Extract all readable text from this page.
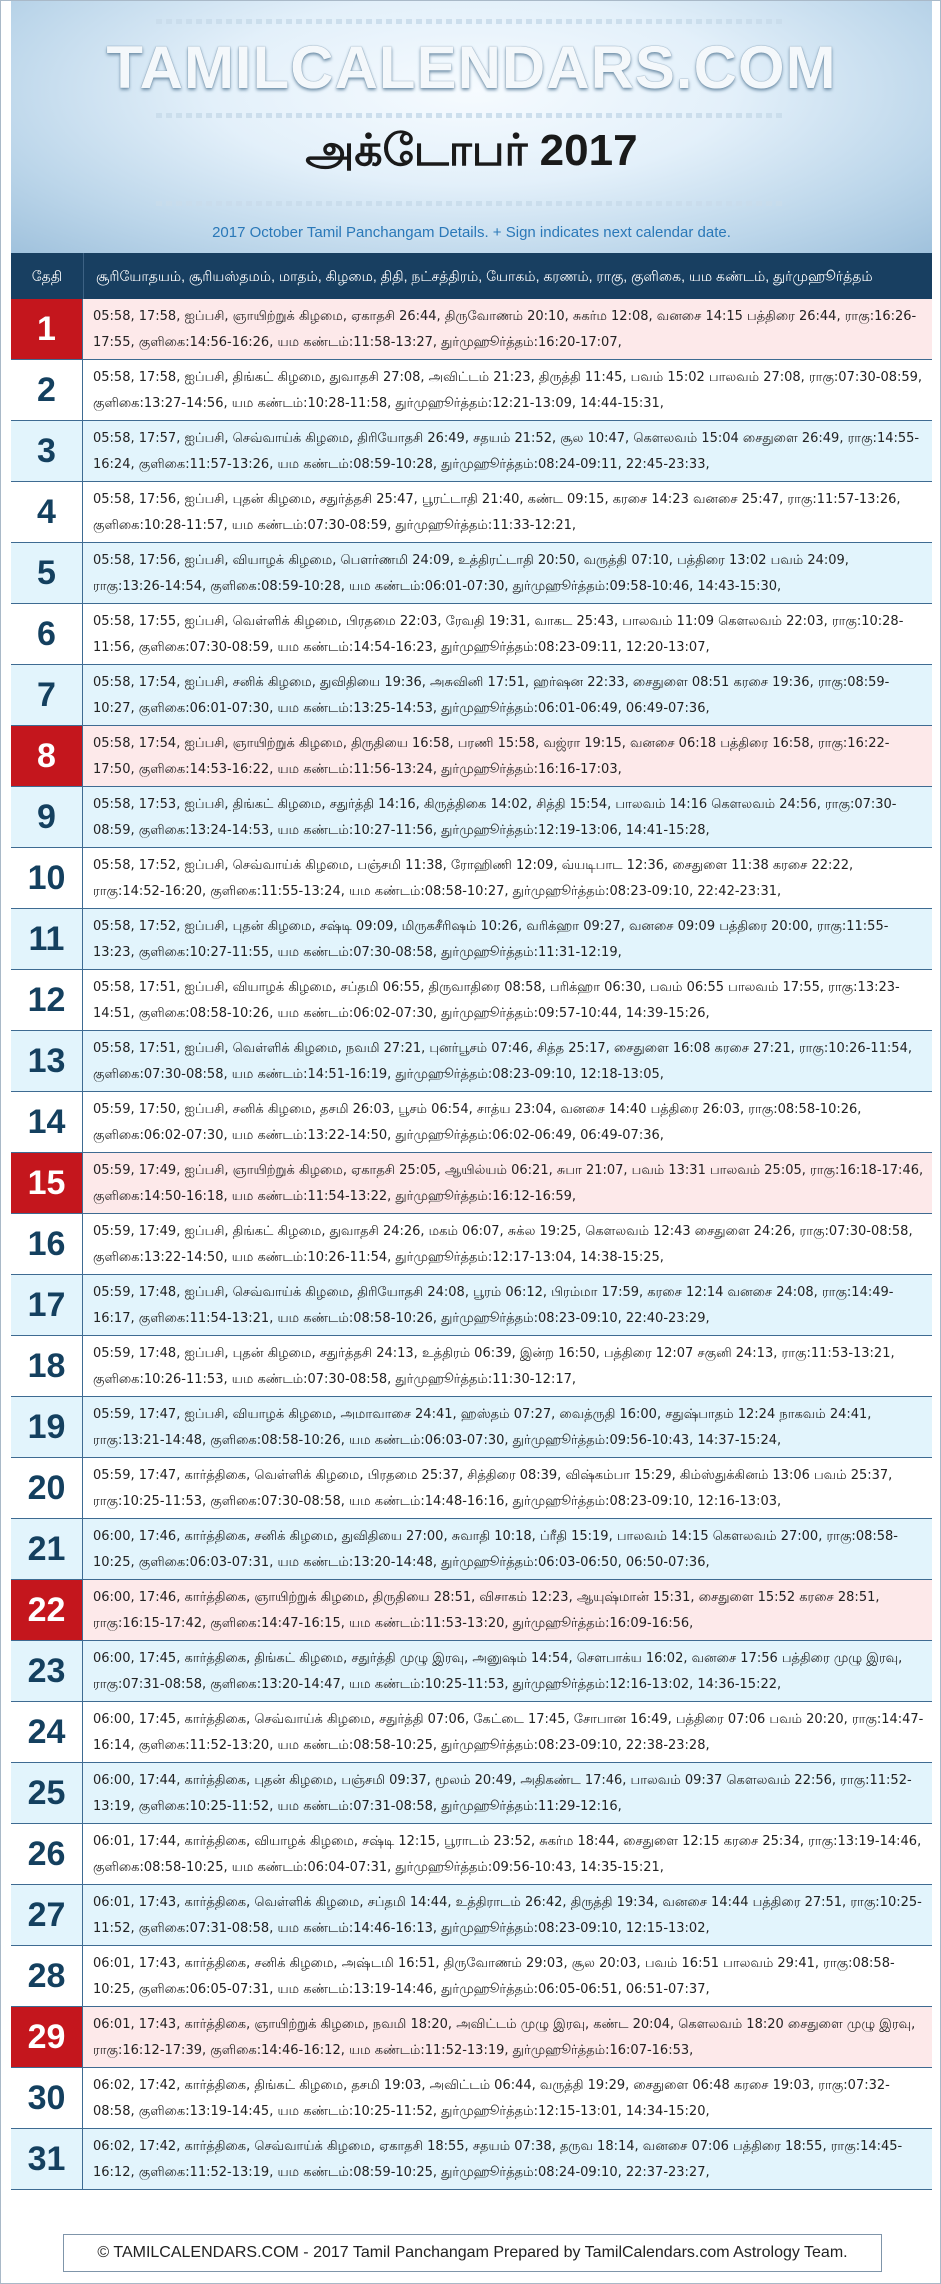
TAMILCALENDARS.COM
அக்டோபர் 2017
2017 October Tamil Panchangam Details. + Sign indicates next calendar date.
தேதி	சூரியோதயம், சூரியஸ்தமம், மாதம், கிழமை, திதி, நட்சத்திரம், யோகம், கரணம், ராகு, குளிகை, யம கண்டம், துர்முஹூர்த்தம்
1	05:58, 17:58, ஐப்பசி, ஞாயிற்றுக் கிழமை, ஏகாதசி 26:44, திருவோணம் 20:10, சுகர்ம 12:08, வனசை 14:15 பத்திரை 26:44, ராகு:16:26-17:55, குளிகை:14:56-16:26, யம கண்டம்:11:58-13:27, துர்முஹூர்த்தம்:16:20-17:07,
2	05:58, 17:58, ஐப்பசி, திங்கட் கிழமை, துவாதசி 27:08, அவிட்டம் 21:23, திருத்தி 11:45, பவம் 15:02 பாலவம் 27:08, ராகு:07:30-08:59, குளிகை:13:27-14:56, யம கண்டம்:10:28-11:58, துர்முஹூர்த்தம்:12:21-13:09, 14:44-15:31,
3	05:58, 17:57, ஐப்பசி, செவ்வாய்க் கிழமை, திரியோதசி 26:49, சதயம் 21:52, சூல 10:47, கௌலவம் 15:04 சைதுளை 26:49, ராகு:14:55-16:24, குளிகை:11:57-13:26, யம கண்டம்:08:59-10:28, துர்முஹூர்த்தம்:08:24-09:11, 22:45-23:33,
4	05:58, 17:56, ஐப்பசி, புதன் கிழமை, சதுர்த்தசி 25:47, பூரட்டாதி 21:40, கண்ட 09:15, கரசை 14:23 வனசை 25:47, ராகு:11:57-13:26, குளிகை:10:28-11:57, யம கண்டம்:07:30-08:59, துர்முஹூர்த்தம்:11:33-12:21,
5	05:58, 17:56, ஐப்பசி, வியாழக் கிழமை, பௌர்ணமி 24:09, உத்திரட்டாதி 20:50, வருத்தி 07:10, பத்திரை 13:02 பவம் 24:09, ராகு:13:26-14:54, குளிகை:08:59-10:28, யம கண்டம்:06:01-07:30, துர்முஹூர்த்தம்:09:58-10:46, 14:43-15:30,
6	05:58, 17:55, ஐப்பசி, வெள்ளிக் கிழமை, பிரதமை 22:03, ரேவதி 19:31, வாகட 25:43, பாலவம் 11:09 கௌலவம் 22:03, ராகு:10:28-11:56, குளிகை:07:30-08:59, யம கண்டம்:14:54-16:23, துர்முஹூர்த்தம்:08:23-09:11, 12:20-13:07,
7	05:58, 17:54, ஐப்பசி, சனிக் கிழமை, துவிதியை 19:36, அசுவினி 17:51, ஹர்ஷன 22:33, சைதுளை 08:51 கரசை 19:36, ராகு:08:59-10:27, குளிகை:06:01-07:30, யம கண்டம்:13:25-14:53, துர்முஹூர்த்தம்:06:01-06:49, 06:49-07:36,
8	05:58, 17:54, ஐப்பசி, ஞாயிற்றுக் கிழமை, திருதியை 16:58, பரணி 15:58, வஜ்ரா 19:15, வனசை 06:18 பத்திரை 16:58, ராகு:16:22-17:50, குளிகை:14:53-16:22, யம கண்டம்:11:56-13:24, துர்முஹூர்த்தம்:16:16-17:03,
9	05:58, 17:53, ஐப்பசி, திங்கட் கிழமை, சதுர்த்தி 14:16, கிருத்திகை 14:02, சித்தி 15:54, பாலவம் 14:16 கௌலவம் 24:56, ராகு:07:30-08:59, குளிகை:13:24-14:53, யம கண்டம்:10:27-11:56, துர்முஹூர்த்தம்:12:19-13:06, 14:41-15:28,
10	05:58, 17:52, ஐப்பசி, செவ்வாய்க் கிழமை, பஞ்சமி 11:38, ரோஹிணி 12:09, வ்யடிபாட 12:36, சைதுளை 11:38 கரசை 22:22, ராகு:14:52-16:20, குளிகை:11:55-13:24, யம கண்டம்:08:58-10:27, துர்முஹூர்த்தம்:08:23-09:10, 22:42-23:31,
11	05:58, 17:52, ஐப்பசி, புதன் கிழமை, சஷ்டி 09:09, மிருகசீரிஷம் 10:26, வரிக்ஹா 09:27, வனசை 09:09 பத்திரை 20:00, ராகு:11:55-13:23, குளிகை:10:27-11:55, யம கண்டம்:07:30-08:58, துர்முஹூர்த்தம்:11:31-12:19,
12	05:58, 17:51, ஐப்பசி, வியாழக் கிழமை, சப்தமி 06:55, திருவாதிரை 08:58, பரிக்ஹா 06:30, பவம் 06:55 பாலவம் 17:55, ராகு:13:23-14:51, குளிகை:08:58-10:26, யம கண்டம்:06:02-07:30, துர்முஹூர்த்தம்:09:57-10:44, 14:39-15:26,
13	05:58, 17:51, ஐப்பசி, வெள்ளிக் கிழமை, நவமி 27:21, புனர்பூசம் 07:46, சித்த 25:17, சைதுளை 16:08 கரசை 27:21, ராகு:10:26-11:54, குளிகை:07:30-08:58, யம கண்டம்:14:51-16:19, துர்முஹூர்த்தம்:08:23-09:10, 12:18-13:05,
14	05:59, 17:50, ஐப்பசி, சனிக் கிழமை, தசமி 26:03, பூசம் 06:54, சாத்ய 23:04, வனசை 14:40 பத்திரை 26:03, ராகு:08:58-10:26, குளிகை:06:02-07:30, யம கண்டம்:13:22-14:50, துர்முஹூர்த்தம்:06:02-06:49, 06:49-07:36,
15	05:59, 17:49, ஐப்பசி, ஞாயிற்றுக் கிழமை, ஏகாதசி 25:05, ஆயில்யம் 06:21, சுபா 21:07, பவம் 13:31 பாலவம் 25:05, ராகு:16:18-17:46, குளிகை:14:50-16:18, யம கண்டம்:11:54-13:22, துர்முஹூர்த்தம்:16:12-16:59,
16	05:59, 17:49, ஐப்பசி, திங்கட் கிழமை, துவாதசி 24:26, மகம் 06:07, சுக்ல 19:25, கௌலவம் 12:43 சைதுளை 24:26, ராகு:07:30-08:58, குளிகை:13:22-14:50, யம கண்டம்:10:26-11:54, துர்முஹூர்த்தம்:12:17-13:04, 14:38-15:25,
17	05:59, 17:48, ஐப்பசி, செவ்வாய்க் கிழமை, திரியோதசி 24:08, பூரம் 06:12, பிரம்மா 17:59, கரசை 12:14 வனசை 24:08, ராகு:14:49-16:17, குளிகை:11:54-13:21, யம கண்டம்:08:58-10:26, துர்முஹூர்த்தம்:08:23-09:10, 22:40-23:29,
18	05:59, 17:48, ஐப்பசி, புதன் கிழமை, சதுர்த்தசி 24:13, உத்திரம் 06:39, இன்ற 16:50, பத்திரை 12:07 சகுனி 24:13, ராகு:11:53-13:21, குளிகை:10:26-11:53, யம கண்டம்:07:30-08:58, துர்முஹூர்த்தம்:11:30-12:17,
19	05:59, 17:47, ஐப்பசி, வியாழக் கிழமை, அமாவாசை 24:41, ஹஸ்தம் 07:27, வைத்ருதி 16:00, சதுஷ்பாதம் 12:24 நாகவம் 24:41, ராகு:13:21-14:48, குளிகை:08:58-10:26, யம கண்டம்:06:03-07:30, துர்முஹூர்த்தம்:09:56-10:43, 14:37-15:24,
20	05:59, 17:47, கார்த்திகை, வெள்ளிக் கிழமை, பிரதமை 25:37, சித்திரை 08:39, விஷ்கம்பா 15:29, கிம்ஸ்துக்கினம் 13:06 பவம் 25:37, ராகு:10:25-11:53, குளிகை:07:30-08:58, யம கண்டம்:14:48-16:16, துர்முஹூர்த்தம்:08:23-09:10, 12:16-13:03,
21	06:00, 17:46, கார்த்திகை, சனிக் கிழமை, துவிதியை 27:00, சுவாதி 10:18, ப்ரீதி 15:19, பாலவம் 14:15 கௌலவம் 27:00, ராகு:08:58-10:25, குளிகை:06:03-07:31, யம கண்டம்:13:20-14:48, துர்முஹூர்த்தம்:06:03-06:50, 06:50-07:36,
22	06:00, 17:46, கார்த்திகை, ஞாயிற்றுக் கிழமை, திருதியை 28:51, விசாகம் 12:23, ஆயுஷ்மான் 15:31, சைதுளை 15:52 கரசை 28:51, ராகு:16:15-17:42, குளிகை:14:47-16:15, யம கண்டம்:11:53-13:20, துர்முஹூர்த்தம்:16:09-16:56,
23	06:00, 17:45, கார்த்திகை, திங்கட் கிழமை, சதுர்த்தி முழு இரவு, அனுஷம் 14:54, சௌபாக்ய 16:02, வனசை 17:56 பத்திரை முழு இரவு, ராகு:07:31-08:58, குளிகை:13:20-14:47, யம கண்டம்:10:25-11:53, துர்முஹூர்த்தம்:12:16-13:02, 14:36-15:22,
24	06:00, 17:45, கார்த்திகை, செவ்வாய்க் கிழமை, சதுர்த்தி 07:06, கேட்டை 17:45, சோபான 16:49, பத்திரை 07:06 பவம் 20:20, ராகு:14:47-16:14, குளிகை:11:52-13:20, யம கண்டம்:08:58-10:25, துர்முஹூர்த்தம்:08:23-09:10, 22:38-23:28,
25	06:00, 17:44, கார்த்திகை, புதன் கிழமை, பஞ்சமி 09:37, மூலம் 20:49, அதிகண்ட 17:46, பாலவம் 09:37 கௌலவம் 22:56, ராகு:11:52-13:19, குளிகை:10:25-11:52, யம கண்டம்:07:31-08:58, துர்முஹூர்த்தம்:11:29-12:16,
26	06:01, 17:44, கார்த்திகை, வியாழக் கிழமை, சஷ்டி 12:15, பூராடம் 23:52, சுகர்ம 18:44, சைதுளை 12:15 கரசை 25:34, ராகு:13:19-14:46, குளிகை:08:58-10:25, யம கண்டம்:06:04-07:31, துர்முஹூர்த்தம்:09:56-10:43, 14:35-15:21,
27	06:01, 17:43, கார்த்திகை, வெள்ளிக் கிழமை, சப்தமி 14:44, உத்திராடம் 26:42, திருத்தி 19:34, வனசை 14:44 பத்திரை 27:51, ராகு:10:25-11:52, குளிகை:07:31-08:58, யம கண்டம்:14:46-16:13, துர்முஹூர்த்தம்:08:23-09:10, 12:15-13:02,
28	06:01, 17:43, கார்த்திகை, சனிக் கிழமை, அஷ்டமி 16:51, திருவோணம் 29:03, சூல 20:03, பவம் 16:51 பாலவம் 29:41, ராகு:08:58-10:25, குளிகை:06:05-07:31, யம கண்டம்:13:19-14:46, துர்முஹூர்த்தம்:06:05-06:51, 06:51-07:37,
29	06:01, 17:43, கார்த்திகை, ஞாயிற்றுக் கிழமை, நவமி 18:20, அவிட்டம் முழு இரவு, கண்ட 20:04, கௌலவம் 18:20 சைதுளை முழு இரவு, ராகு:16:12-17:39, குளிகை:14:46-16:12, யம கண்டம்:11:52-13:19, துர்முஹூர்த்தம்:16:07-16:53,
30	06:02, 17:42, கார்த்திகை, திங்கட் கிழமை, தசமி 19:03, அவிட்டம் 06:44, வருத்தி 19:29, சைதுளை 06:48 கரசை 19:03, ராகு:07:32-08:58, குளிகை:13:19-14:45, யம கண்டம்:10:25-11:52, துர்முஹூர்த்தம்:12:15-13:01, 14:34-15:20,
31	06:02, 17:42, கார்த்திகை, செவ்வாய்க் கிழமை, ஏகாதசி 18:55, சதயம் 07:38, தருவ 18:14, வனசை 07:06 பத்திரை 18:55, ராகு:14:45-16:12, குளிகை:11:52-13:19, யம கண்டம்:08:59-10:25, துர்முஹூர்த்தம்:08:24-09:10, 22:37-23:27,
© TAMILCALENDARS.COM - 2017 Tamil Panchangam Prepared by TamilCalendars.com Astrology Team.
